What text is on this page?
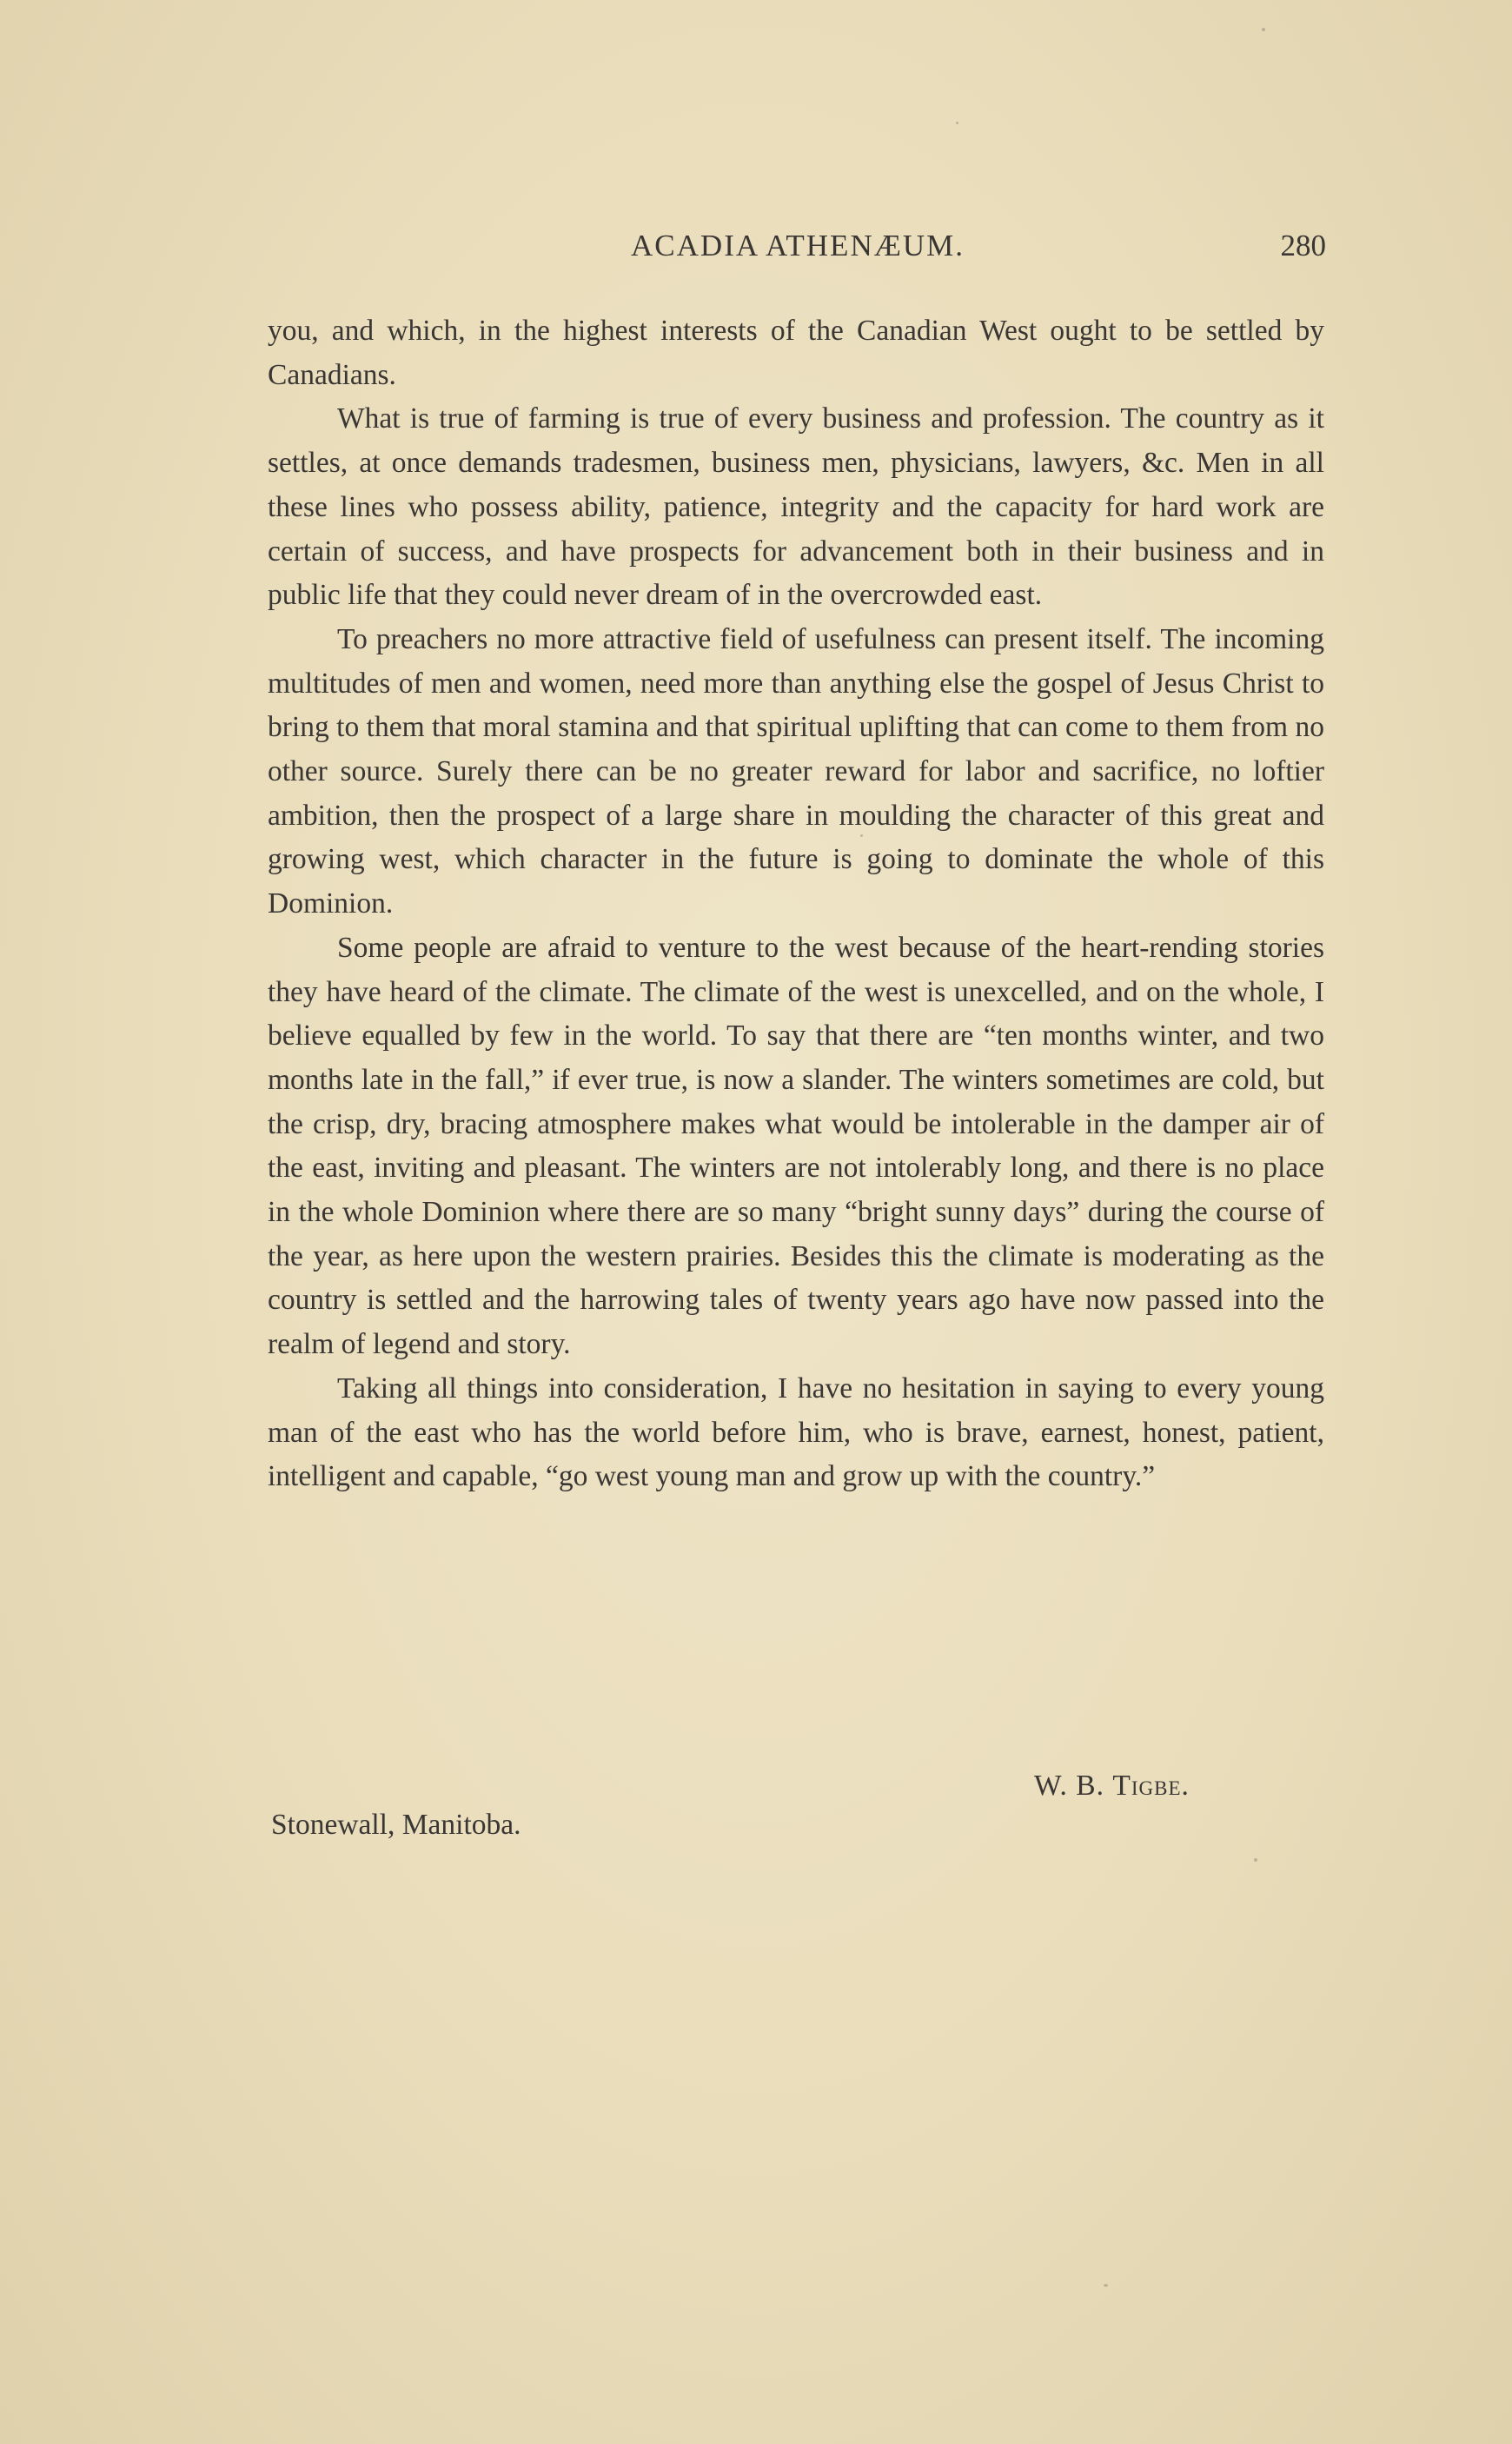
ACADIA ATHENÆUM.	280

you, and which, in the highest interests of the Canadian West ought to be settled by Canadians.

What is true of farming is true of every business and profession. The country as it settles, at once demands tradesmen, business men, physicians, lawyers, &c. Men in all these lines who possess ability, patience, integrity and the capacity for hard work are certain of success, and have prospects for advancement both in their business and in public life that they could never dream of in the overcrowded east.

To preachers no more attractive field of usefulness can present itself. The incoming multitudes of men and women, need more than anything else the gospel of Jesus Christ to bring to them that moral stamina and that spiritual uplifting that can come to them from no other source. Surely there can be no greater reward for labor and sacrifice, no loftier ambition, then the prospect of a large share in moulding the character of this great and growing west, which character in the future is going to dominate the whole of this Dominion.

Some people are afraid to venture to the west because of the heart-rending stories they have heard of the climate. The climate of the west is unexcelled, and on the whole, I believe equalled by few in the world. To say that there are “ten months winter, and two months late in the fall,” if ever true, is now a slander. The winters sometimes are cold, but the crisp, dry, bracing atmosphere makes what would be intolerable in the damper air of the east, inviting and pleasant. The winters are not intolerably long, and there is no place in the whole Dominion where there are so many “bright sunny days” during the course of the year, as here upon the western prairies. Besides this the climate is moderating as the country is settled and the harrowing tales of twenty years ago have now passed into the realm of legend and story.

Taking all things into consideration, I have no hesitation in saying to every young man of the east who has the world before him, who is brave, earnest, honest, patient, intelligent and capable, “go west young man and grow up with the country.”

W. B. Tigbe.
Stonewall, Manitoba.
